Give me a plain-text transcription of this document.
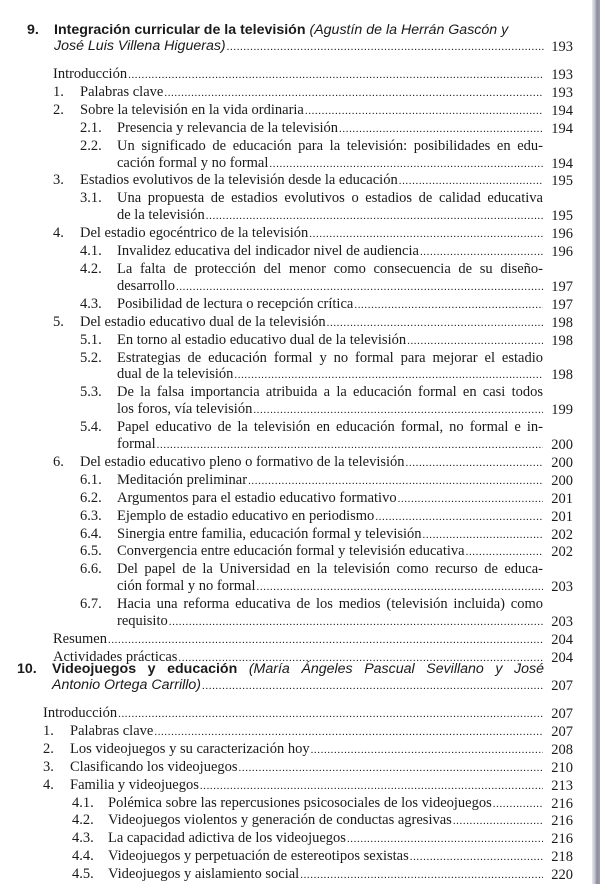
9. Integración curricular de la televisión (Agustín de la Herrán Gascón y
José Luis Villena Higueras) .....	193
Introducción .....	193
1. Palabras clave .....	193
2. Sobre la televisión en la vida ordinaria .....	194
2.1. Presencia y relevancia de la televisión .....	194
2.2. Un significado de educación para la televisión: posibilidades en edu-
cación formal y no formal .....	194
3. Estadios evolutivos de la televisión desde la educación .....	195
3.1. Una propuesta de estadios evolutivos o estadios de calidad educativa
de la televisión .....	195
4. Del estadio egocéntrico de la televisión .....	196
4.1. Invalidez educativa del indicador nivel de audiencia .....	196
4.2. La falta de protección del menor como consecuencia de su diseño-
desarrollo .....	197
4.3. Posibilidad de lectura o recepción crítica .....	197
5. Del estadio educativo dual de la televisión .....	198
5.1. En torno al estadio educativo dual de la televisión .....	198
5.2. Estrategias de educación formal y no formal para mejorar el estadio
dual de la televisión .....	198
5.3. De la falsa importancia atribuida a la educación formal en casi todos
los foros, vía televisión .....	199
5.4. Papel educativo de la televisión en educación formal, no formal e in-
formal .....	200
6. Del estadio educativo pleno o formativo de la televisión .....	200
6.1. Meditación preliminar .....	200
6.2. Argumentos para el estadio educativo formativo .....	201
6.3. Ejemplo de estadio educativo en periodismo .....	201
6.4. Sinergia entre familia, educación formal y televisión .....	202
6.5. Convergencia entre educación formal y televisión educativa .....	202
6.6. Del papel de la Universidad en la televisión como recurso de educa-
ción formal y no formal .....	203
6.7. Hacia una reforma educativa de los medios (televisión incluida) como
requisito .....	203
Resumen .....	204
Actividades prácticas .....	204
10. Videojuegos y educación (María Ángeles Pascual Sevillano y José
Antonio Ortega Carrillo) .....	207
Introducción .....	207
1. Palabras clave .....	207
2. Los videojuegos y su caracterización hoy .....	208
3. Clasificando los videojuegos .....	210
4. Familia y videojuegos .....	213
4.1. Polémica sobre las repercusiones psicosociales de los videojuegos .....	216
4.2. Videojuegos violentos y generación de conductas agresivas .....	216
4.3. La capacidad adictiva de los videojuegos .....	216
4.4. Videojuegos y perpetuación de estereotipos sexistas .....	218
4.5. Videojuegos y aislamiento social .....	220
